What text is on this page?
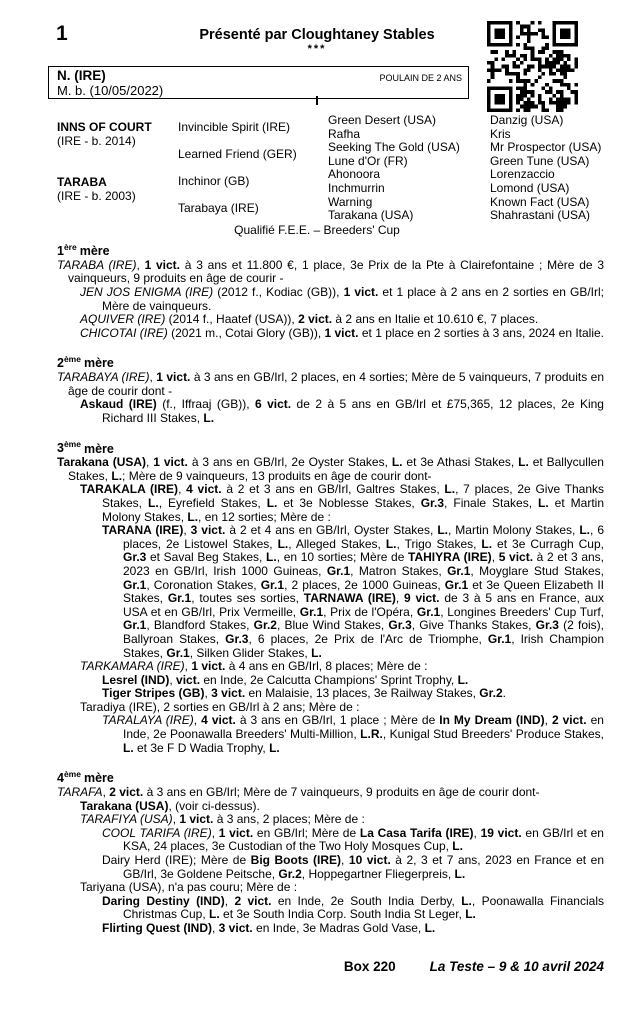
1	Présenté par Cloughtaney Stables
***
N. (IRE)
M. b. (10/05/2022)
POULAIN DE 2 ANS
INNS OF COURT
(IRE - b. 2014)
TARABA
(IRE - b. 2003)
Invincible Spirit (IRE)
Learned Friend (GER)
Inchinor (GB)
Tarabaya (IRE)
Green Desert (USA)
Rafha
Seeking The Gold (USA)
Lune d'Or (FR)
Ahonoora
Inchmurrin
Warning
Tarakana (USA)
Danzig (USA)
Kris
Mr Prospector (USA)
Green Tune (USA)
Lorenzaccio
Lomond (USA)
Known Fact (USA)
Shahrastani (USA)
Qualifié F.E.E. – Breeders' Cup
1ère mère

TARABA (IRE), 1 vict. à 3 ans et 11.800 €, 1 place, 3e Prix de la Pte à Clairefontaine ; Mère de 3 vainqueurs, 9 produits en âge de courir -

JEN JOS ENIGMA (IRE) (2012 f., Kodiac (GB)), 1 vict. et 1 place à 2 ans en 2 sorties en GB/Irl; Mère de vainqueurs.

AQUIVER (IRE) (2014 f., Haatef (USA)), 2 vict. à 2 ans en Italie et 10.610 €, 7 places.

CHICOTAI (IRE) (2021 m., Cotai Glory (GB)), 1 vict. et 1 place en 2 sorties à 3 ans, 2024 en Italie.

2ème mère

TARABAYA (IRE), 1 vict. à 3 ans en GB/Irl, 2 places, en 4 sorties; Mère de 5 vainqueurs, 7 produits en âge de courir dont -

Askaud (IRE) (f., Iffraaj (GB)), 6 vict. de 2 à 5 ans en GB/Irl et £75,365, 12 places, 2e King Richard III Stakes, L.

3ème mère

Tarakana (USA), 1 vict. à 3 ans en GB/Irl, 2e Oyster Stakes, L. et 3e Athasi Stakes, L. et Ballycullen Stakes, L.; Mère de 9 vainqueurs, 13 produits en âge de courir dont-

TARAKALA (IRE), 4 vict. à 2 et 3 ans en GB/Irl, Galtres Stakes, L., 7 places, 2e Give Thanks Stakes, L., Eyrefield Stakes, L. et 3e Noblesse Stakes, Gr.3, Finale Stakes, L. et Martin Molony Stakes, L., en 12 sorties; Mère de :

TARANA (IRE), 3 vict. à 2 et 4 ans en GB/Irl, Oyster Stakes, L., Martin Molony Stakes, L., 6 places, 2e Listowel Stakes, L., Alleged Stakes, L., Trigo Stakes, L. et 3e Curragh Cup, Gr.3 et Saval Beg Stakes, L., en 10 sorties; Mère de TAHIYRA (IRE), 5 vict. à 2 et 3 ans, 2023 en GB/Irl, Irish 1000 Guineas, Gr.1, Matron Stakes, Gr.1, Moyglare Stud Stakes, Gr.1, Coronation Stakes, Gr.1, 2 places, 2e 1000 Guineas, Gr.1 et 3e Queen Elizabeth II Stakes, Gr.1, toutes ses sorties, TARNAWA (IRE), 9 vict. de 3 à 5 ans en France, aux USA et en GB/Irl, Prix Vermeille, Gr.1, Prix de l'Opéra, Gr.1, Longines Breeders' Cup Turf, Gr.1, Blandford Stakes, Gr.2, Blue Wind Stakes, Gr.3, Give Thanks Stakes, Gr.3 (2 fois), Ballyroan Stakes, Gr.3, 6 places, 2e Prix de l'Arc de Triomphe, Gr.1, Irish Champion Stakes, Gr.1, Silken Glider Stakes, L.

TARKAMARA (IRE), 1 vict. à 4 ans en GB/Irl, 8 places; Mère de :

Lesrel (IND), vict. en Inde, 2e Calcutta Champions' Sprint Trophy, L.

Tiger Stripes (GB), 3 vict. en Malaisie, 13 places, 3e Railway Stakes, Gr.2.

Taradiya (IRE), 2 sorties en GB/Irl à 2 ans; Mère de :

TARALAYA (IRE), 4 vict. à 3 ans en GB/Irl, 1 place ; Mère de In My Dream (IND), 2 vict. en Inde, 2e Poonawalla Breeders' Multi-Million, L.R., Kunigal Stud Breeders' Produce Stakes, L. et 3e F D Wadia Trophy, L.

4ème mère

TARAFA, 2 vict. à 3 ans en GB/Irl; Mère de 7 vainqueurs, 9 produits en âge de courir dont-

Tarakana (USA), (voir ci-dessus).

TARAFIYA (USA), 1 vict. à 3 ans, 2 places; Mère de :

COOL TARIFA (IRE), 1 vict. en GB/Irl; Mère de La Casa Tarifa (IRE), 19 vict. en GB/Irl et en KSA, 24 places, 3e Custodian of the Two Holy Mosques Cup, L.

Dairy Herd (IRE); Mère de Big Boots (IRE), 10 vict. à 2, 3 et 7 ans, 2023 en France et en GB/Irl, 3e Goldene Peitsche, Gr.2, Hoppegartner Fliegerpreis, L.

Tariyana (USA), n'a pas couru; Mère de :

Daring Destiny (IND), 2 vict. en Inde, 2e South India Derby, L., Poonawalla Financials Christmas Cup, L. et 3e South India Corp. South India St Leger, L.

Flirting Quest (IND), 3 vict. en Inde, 3e Madras Gold Vase, L.

Box 220	La Teste – 9 & 10 avril 2024
